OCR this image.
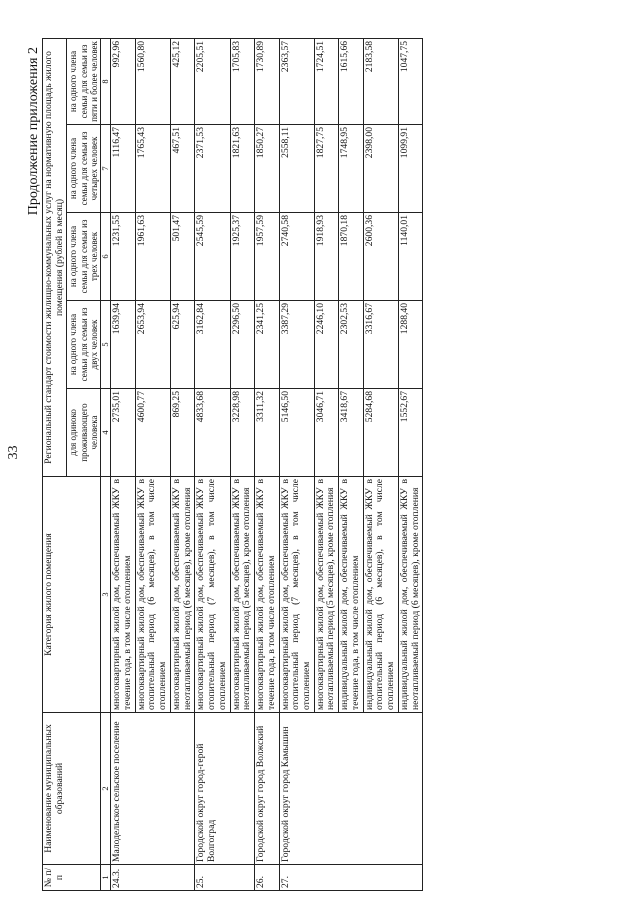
33
Продолжение приложения 2
№ п/п	Наименование муниципальных образований	Категория жилого помещения	Региональный стандарт стоимости жилищно-коммунальных услуг на нормативную площадь жилого помещения (рублей в месяц)				
			для одиноко проживающего человека	на одного члена семьи для семьи из двух человек	на одного члена семьи для семьи из трех человек	на одного члена семьи для семьи из четырех человек	на одного члена семьи для семьи из пяти и более человек
1	2	3	4	5	6	7	8
24.3.	Малодельское сельское поселение	многоквартирный жилой дом, обеспечиваемый ЖКУ в течение года, в том числе отоплением	2735,01	1639,94	1231,55	1116,47	992,96
		многоквартирный жилой дом, обеспечиваемый ЖКУ в отопительный период (6 месяцев), в том числе отоплением	4600,77	2653,94	1961,63	1765,43	1560,80
		многоквартирный жилой дом, обеспечиваемый ЖКУ в неотапливаемый период (6 месяцев), кроме отопления	869,25	625,94	501,47	467,51	425,12
25.	Городской округ город-герой Волгоград	многоквартирный жилой дом, обеспечиваемый ЖКУ в отопительный период (7 месяцев), в том числе отоплением	4833,68	3162,84	2545,59	2371,53	2205,51
		многоквартирный жилой дом, обеспечиваемый ЖКУ в неотапливаемый период (5 месяцев), кроме отопления	3228,98	2296,50	1925,37	1821,63	1705,83
26.	Городской округ город Волжский	многоквартирный жилой дом, обеспечиваемый ЖКУ в течение года, в том числе отоплением	3311,32	2341,25	1957,59	1850,27	1730,89
27.	Городской округ город Камышин	многоквартирный жилой дом, обеспечиваемый ЖКУ в отопительный период (7 месяцев), в том числе отоплением	5146,50	3387,29	2740,58	2558,11	2363,57
		многоквартирный жилой дом, обеспечиваемый ЖКУ в неотапливаемый период (5 месяцев), кроме отопления	3046,71	2246,10	1918,93	1827,75	1724,51
		индивидуальный жилой дом, обеспечиваемый ЖКУ в течение года, в том числе отоплением	3418,67	2302,53	1870,18	1748,95	1615,66
		индивидуальный жилой дом, обеспечиваемый ЖКУ в отопительный период (6 месяцев), в том числе отоплением	5284,68	3316,67	2600,36	2398,00	2183,58
		индивидуальный жилой дом, обеспечиваемый ЖКУ в неотапливаемый период (6 месяцев), кроме отопления	1552,67	1288,40	1140,01	1099,91	1047,75
